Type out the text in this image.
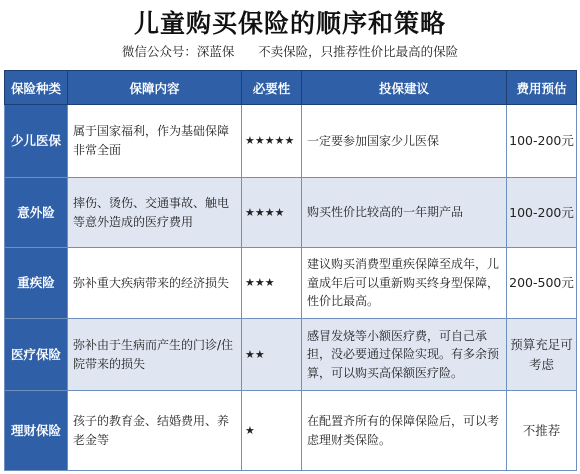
儿童购买保险的顺序和策略
微信公众号：深蓝保      不卖保险，只推荐性价比最高的保险
保险种类	保障内容	必要性	投保建议	费用预估
少儿医保	属于国家福利，作为基础保障非常全面	★★★★★	一定要参加国家少儿医保	100-200元
意外险	摔伤、烫伤、交通事故、触电等意外造成的医疗费用	★★★★	购买性价比较高的一年期产品	100-200元
重疾险	弥补重大疾病带来的经济损失	★★★	建议购买消费型重疾保障至成年，儿童成年后可以重新购买终身型保障，性价比最高。	200-500元
医疗保险	弥补由于生病而产生的门诊/住院带来的损失	★★	感冒发烧等小额医疗费，可自己承担，没必要通过保险实现。有多余预算，可以购买高保额医疗险。	预算充足可考虑
理财保险	孩子的教育金、结婚费用、养老金等	★	在配置齐所有的保障保险后，可以考虑理财类保险。	不推荐
